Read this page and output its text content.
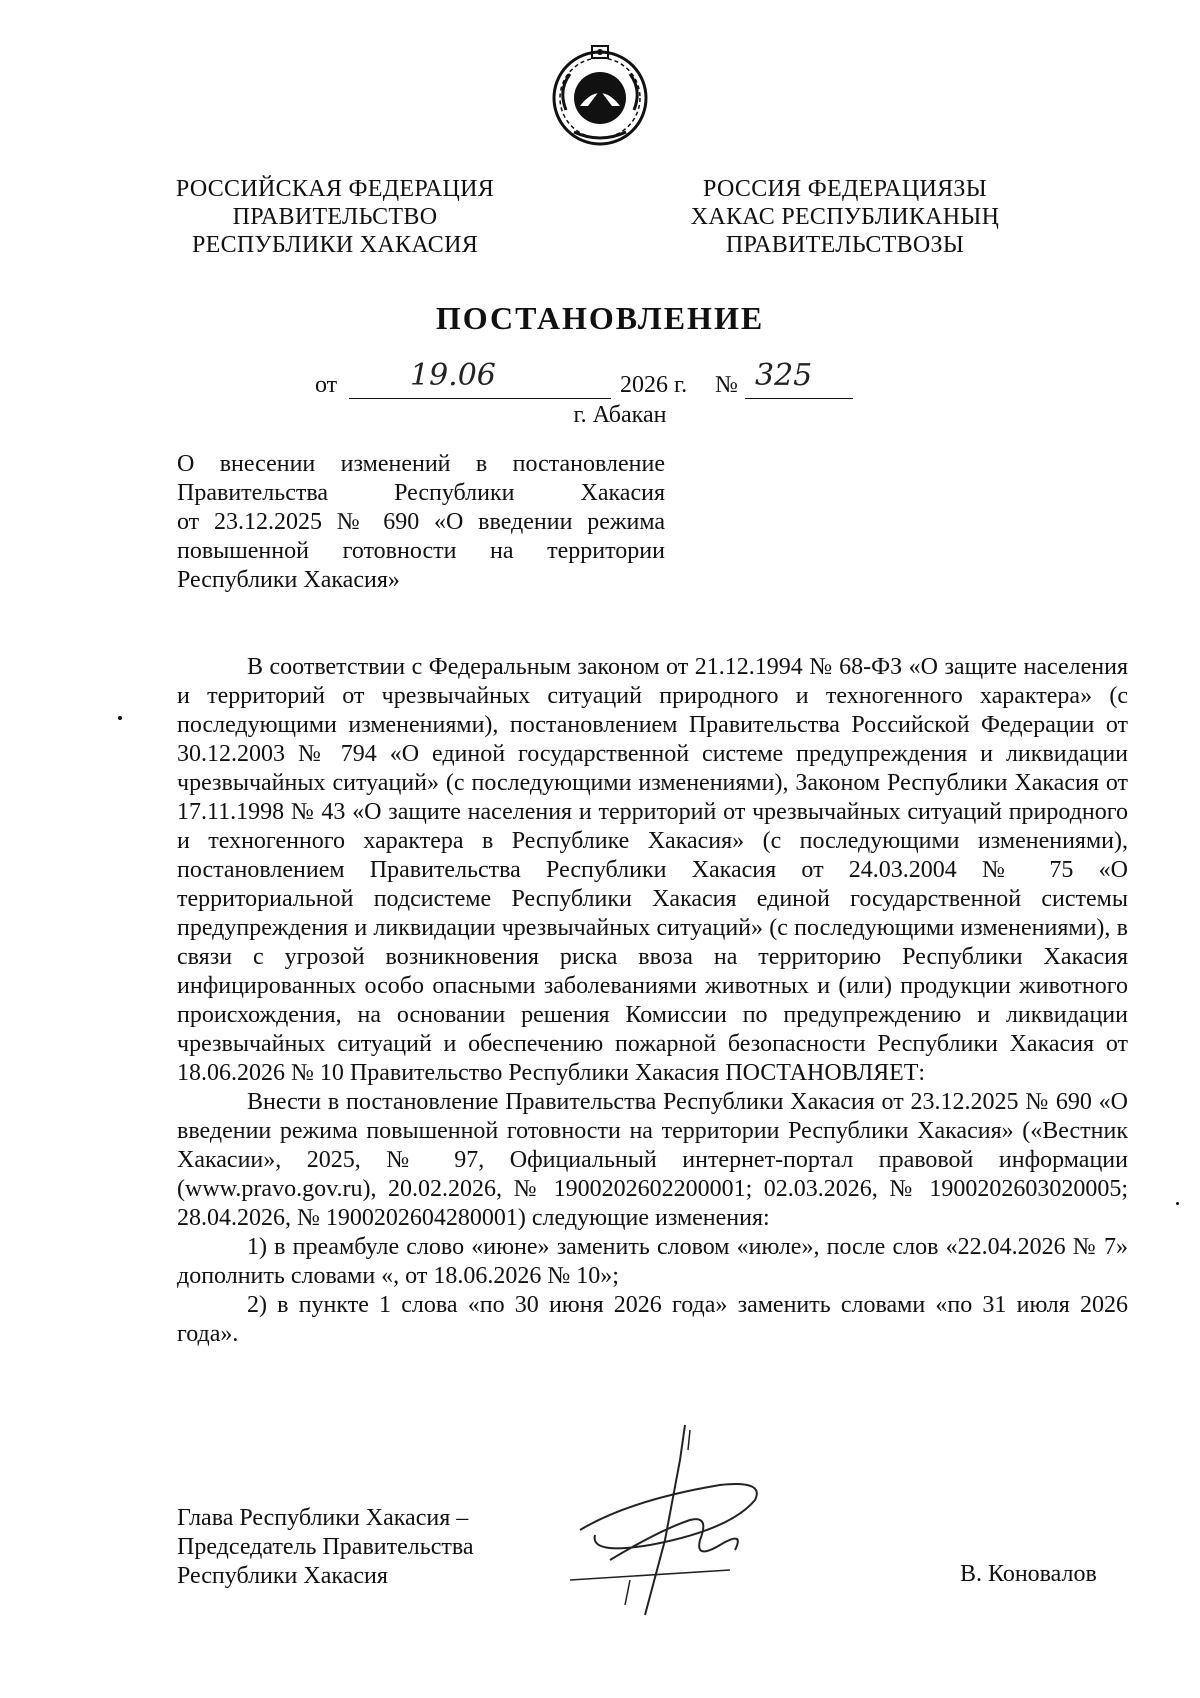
РОССИЙСКАЯ ФЕДЕРАЦИЯ
ПРАВИТЕЛЬСТВО
РЕСПУБЛИКИ ХАКАСИЯ
РОССИЯ ФЕДЕРАЦИЯЗЫ
ХАКАС РЕСПУБЛИКАНЫҢ
ПРАВИТЕЛЬСТВОЗЫ
ПОСТАНОВЛЕНИЕ
от 19.06	2026 г. № 325
г. Абакан
О внесении изменений в постановление
Правительства Республики Хакасия
от 23.12.2025 № 690 «О введении режима
повышенной готовности на территории
Республики Хакасия»

В соответствии с Федеральным законом от 21.12.1994 № 68-ФЗ «О защите населения и территорий от чрезвычайных ситуаций природного и техногенного характера» (с последующими изменениями), постановлением Правительства Российской Федерации от 30.12.2003 № 794 «О единой государственной системе предупреждения и ликвидации чрезвычайных ситуаций» (с последующими изменениями), Законом Республики Хакасия от 17.11.1998 № 43 «О защите населения и территорий от чрезвычайных ситуаций природного и техногенного характера в Республике Хакасия» (с последующими изменениями), постановлением Правительства Республики Хакасия от 24.03.2004 № 75 «О территориальной подсистеме Республики Хакасия единой государственной системы предупреждения и ликвидации чрезвычайных ситуаций» (с последующими изменениями), в связи с угрозой возникновения риска ввоза на территорию Республики Хакасия инфицированных особо опасными заболеваниями животных и (или) продукции животного происхождения, на основании решения Комиссии по предупреждению и ликвидации чрезвычайных ситуаций и обеспечению пожарной безопасности Республики Хакасия от 18.06.2026 № 10 Правительство Республики Хакасия ПОСТАНОВЛЯЕТ:

Внести в постановление Правительства Республики Хакасия от 23.12.2025 № 690 «О введении режима повышенной готовности на территории Республики Хакасия» («Вестник Хакасии», 2025, № 97, Официальный интернет-портал правовой информации (www.pravo.gov.ru), 20.02.2026, № 1900202602200001; 02.03.2026, № 1900202603020005; 28.04.2026, № 1900202604280001) следующие изменения:

1) в преамбуле слово «июне» заменить словом «июле», после слов «22.04.2026 № 7» дополнить словами «, от 18.06.2026 № 10»;

2) в пункте 1 слова «по 30 июня 2026 года» заменить словами «по 31 июля 2026 года».

Глава Республики Хакасия –
Председатель Правительства
Республики Хакасия	В. Коновалов
